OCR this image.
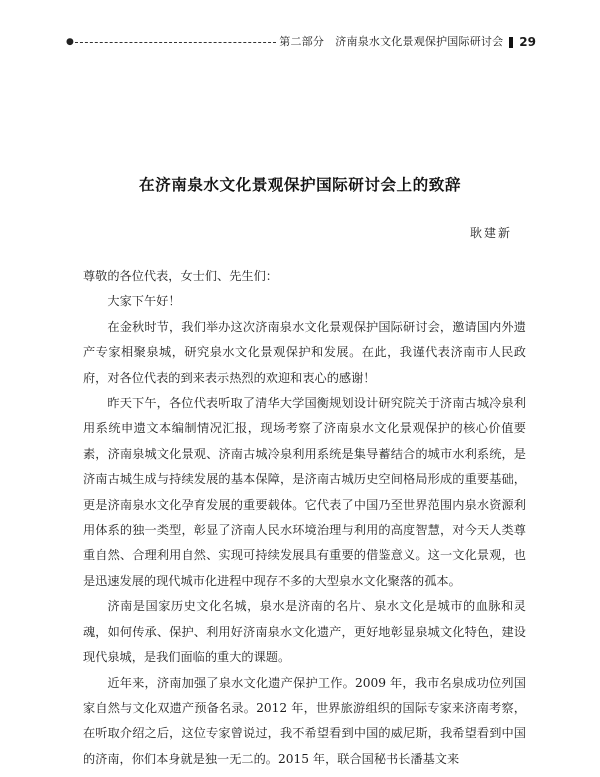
●	第二部分　济南泉水文化景观保护国际研讨会 29
在济南泉水文化景观保护国际研讨会上的致辞
耿建新

尊敬的各位代表，女士们、先生们：

大家下午好！

在金秋时节，我们举办这次济南泉水文化景观保护国际研讨会，邀请国内外遗产专家相聚泉城，研究泉水文化景观保护和发展。在此，我谨代表济南市人民政府，对各位代表的到来表示热烈的欢迎和衷心的感谢！

昨天下午，各位代表听取了清华大学国衡规划设计研究院关于济南古城冷泉利用系统申遗文本编制情况汇报，现场考察了济南泉水文化景观保护的核心价值要素，济南泉城文化景观、济南古城冷泉利用系统是集导蓄结合的城市水利系统，是济南古城生成与持续发展的基本保障，是济南古城历史空间格局形成的重要基础，更是济南泉水文化孕育发展的重要载体。它代表了中国乃至世界范围内泉水资源利用体系的独一类型，彰显了济南人民水环境治理与利用的高度智慧，对今天人类尊重自然、合理利用自然、实现可持续发展具有重要的借鉴意义。这一文化景观，也是迅速发展的现代城市化进程中现存不多的大型泉水文化聚落的孤本。

济南是国家历史文化名城，泉水是济南的名片、泉水文化是城市的血脉和灵魂，如何传承、保护、利用好济南泉水文化遗产，更好地彰显泉城文化特色，建设现代泉城，是我们面临的重大的课题。

近年来，济南加强了泉水文化遗产保护工作。2009 年，我市名泉成功位列国家自然与文化双遗产预备名录。2012 年，世界旅游组织的国际专家来济南考察，在听取介绍之后，这位专家曾说过，我不希望看到中国的威尼斯，我希望看到中国的济南，你们本身就是独一无二的。2015 年，联合国秘书长潘基文来
